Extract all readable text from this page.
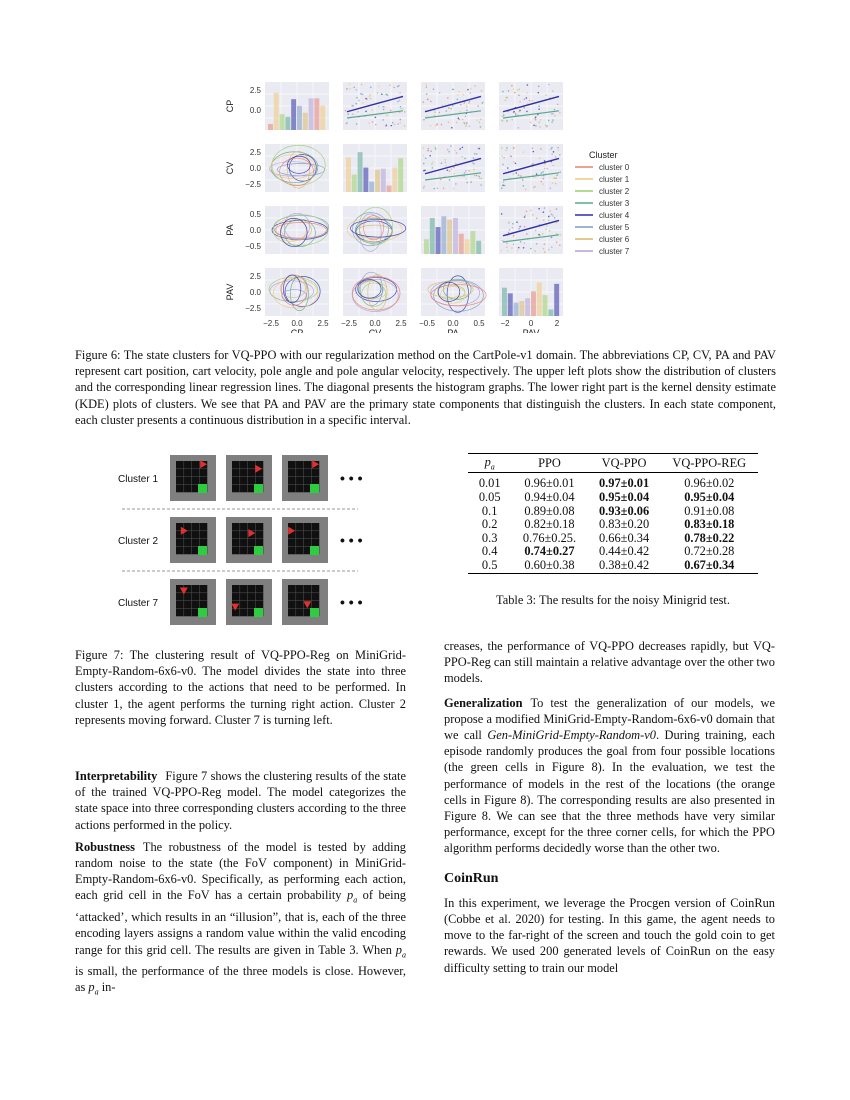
CP
2.5
0.0
CV
2.5
0.0
−2.5
PA
0.5
0.0
−0.5
PAV
2.5
0.0
−2.5
−2.5 0.0 2.5
CP
−2.5 0.0 2.5
CV
−0.5 0.0 0.5
PA
−2 0	2
PAV
Cluster
cluster 0
cluster 1
cluster 2
cluster 3
cluster 4
cluster 5
cluster 6
cluster 7
Figure 6: The state clusters for VQ-PPO with our regularization method on the CartPole-v1 domain. The abbreviations CP, CV, PA and PAV represent cart position, cart velocity, pole angle and pole angular velocity, respectively. The upper left plots show the distribution of clusters and the corresponding linear regression lines. The diagonal presents the histogram graphs. The lower right part is the kernel density estimate (KDE) plots of clusters. We see that PA and PAV are the primary state components that distinguish the clusters. In each state component, each cluster presents a continuous distribution in a specific interval.
Cluster 1	• • •
Cluster 2	• • •
Cluster 7	• • •
Figure 7: The clustering result of VQ-PPO-Reg on MiniGrid-Empty-Random-6x6-v0. The model divides the state into three clusters according to the actions that need to be performed. In cluster 1, the agent performs the turning right action. Cluster 2 represents moving forward. Cluster 7 is turning left.
$p_a$	PPO	VQ-PPO	VQ-PPO-REG
0.01	0.96±0.01	0.97±0.01	0.96±0.02
0.05	0.94±0.04	0.95±0.04	0.95±0.04
0.1	0.89±0.08	0.93±0.06	0.91±0.08
0.2	0.82±0.18	0.83±0.20	0.83±0.18
0.3	0.76±0.25.	0.66±0.34	0.78±0.22
0.4	0.74±0.27	0.44±0.42	0.72±0.28
0.5	0.60±0.38	0.38±0.42	0.67±0.34
Table 3: The results for the noisy Minigrid test.

Interpretability Figure 7 shows the clustering results of the state of the trained VQ-PPO-Reg model. The model categorizes the state space into three corresponding clusters according to the three actions performed in the policy.

Robustness The robustness of the model is tested by adding random noise to the state (the FoV component) in MiniGrid-Empty-Random-6x6-v0. Specifically, as performing each action, each grid cell in the FoV has a certain probability $p_a$ of being ‘attacked’, which results in an “illusion”, that is, each of the three encoding layers assigns a random value within the valid encoding range for this grid cell. The results are given in Table 3. When $p_a$ is small, the performance of the three models is close. However, as $p_a$ in-

creases, the performance of VQ-PPO decreases rapidly, but VQ-PPO-Reg can still maintain a relative advantage over the other two models.

Generalization To test the generalization of our models, we propose a modified MiniGrid-Empty-Random-6x6-v0 domain that we call Gen-MiniGrid-Empty-Random-v0. During training, each episode randomly produces the goal from four possible locations (the green cells in Figure 8). In the evaluation, we test the performance of models in the rest of the locations (the orange cells in Figure 8). The corresponding results are also presented in Figure 8. We can see that the three methods have very similar performance, except for the three corner cells, for which the PPO algorithm performs decidedly worse than the other two.

CoinRun

In this experiment, we leverage the Procgen version of CoinRun (Cobbe et al. 2020) for testing. In this game, the agent needs to move to the far-right of the screen and touch the gold coin to get rewards. We used 200 generated levels of CoinRun on the easy difficulty setting to train our model
